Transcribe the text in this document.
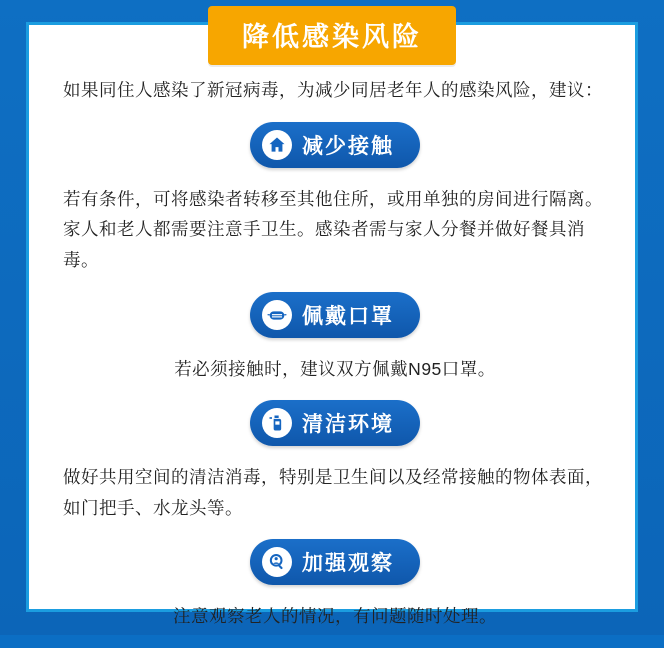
如果同住人感染了新冠病毒，为减少同居老年人的感染风险，建议：

减少接触

若有条件，可将感染者转移至其他住所，或用单独的房间进行隔离。家人和老人都需要注意手卫生。感染者需与家人分餐并做好餐具消毒。

佩戴口罩

若必须接触时，建议双方佩戴N95口罩。

清洁环境

做好共用空间的清洁消毒，特别是卫生间以及经常接触的物体表面，如门把手、水龙头等。

加强观察

注意观察老人的情况，有问题随时处理。

降低感染风险
